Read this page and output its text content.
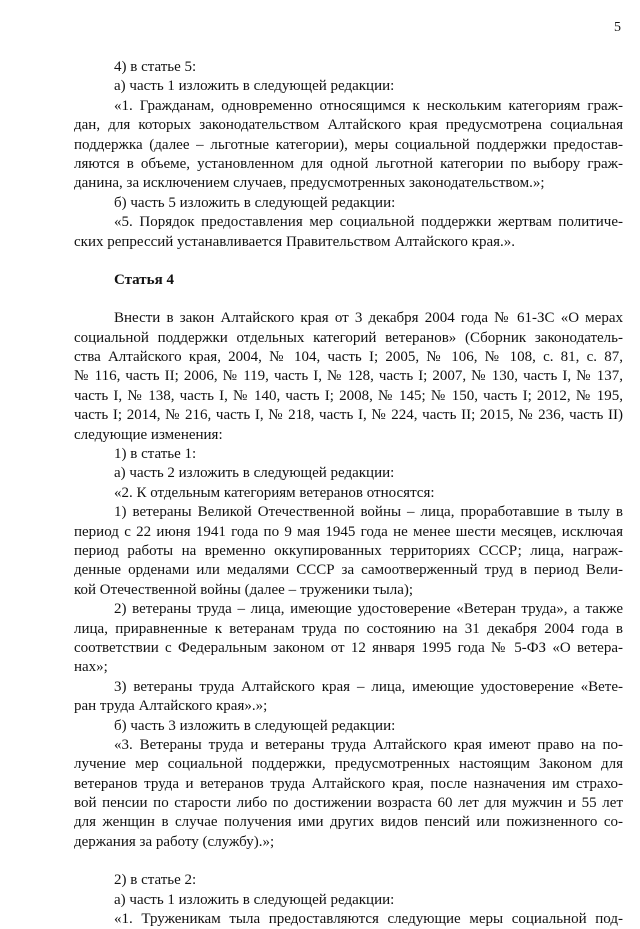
5
4) в статье 5:
а) часть 1 изложить в следующей редакции:
«1. Гражданам, одновременно относящимся к нескольким категориям граж-
дан, для которых законодательством Алтайского края предусмотрена социальная
поддержка (далее – льготные категории), меры социальной поддержки предостав-
ляются в объеме, установленном для одной льготной категории по выбору граж-
данина, за исключением случаев, предусмотренных законодательством.»;
б) часть 5 изложить в следующей редакции:
«5. Порядок предоставления мер социальной поддержки жертвам политиче-
ских репрессий устанавливается Правительством Алтайского края.».
Статья 4
Внести в закон Алтайского края от 3 декабря 2004 года № 61-ЗС «О мерах
социальной поддержки отдельных категорий ветеранов» (Сборник законодатель-
ства Алтайского края, 2004, № 104, часть I; 2005, № 106, № 108, с. 81, с. 87,
№ 116, часть II; 2006, № 119, часть I, № 128, часть I; 2007, № 130, часть I, № 137,
часть I, № 138, часть I, № 140, часть I; 2008, № 145; № 150, часть I; 2012, № 195,
часть I; 2014, № 216, часть I, № 218, часть I, № 224, часть II; 2015, № 236, часть II)
следующие изменения:
1) в статье 1:
а) часть 2 изложить в следующей редакции:
«2. К отдельным категориям ветеранов относятся:
1) ветераны Великой Отечественной войны – лица, проработавшие в тылу в
период с 22 июня 1941 года по 9 мая 1945 года не менее шести месяцев, исключая
период работы на временно оккупированных территориях СССР; лица, награж-
денные орденами или медалями СССР за самоотверженный труд в период Вели-
кой Отечественной войны (далее – труженики тыла);
2) ветераны труда – лица, имеющие удостоверение «Ветеран труда», а также
лица, приравненные к ветеранам труда по состоянию на 31 декабря 2004 года в
соответствии с Федеральным законом от 12 января 1995 года № 5-ФЗ «О ветера-
нах»;
3) ветераны труда Алтайского края – лица, имеющие удостоверение «Вете-
ран труда Алтайского края».»;
б) часть 3 изложить в следующей редакции:
«3. Ветераны труда и ветераны труда Алтайского края имеют право на по-
лучение мер социальной поддержки, предусмотренных настоящим Законом для
ветеранов труда и ветеранов труда Алтайского края, после назначения им страхо-
вой пенсии по старости либо по достижении возраста 60 лет для мужчин и 55 лет
для женщин в случае получения ими других видов пенсий или пожизненного со-
держания за работу (службу).»;
2) в статье 2:
а) часть 1 изложить в следующей редакции:
«1. Труженикам тыла предоставляются следующие меры социальной под-
